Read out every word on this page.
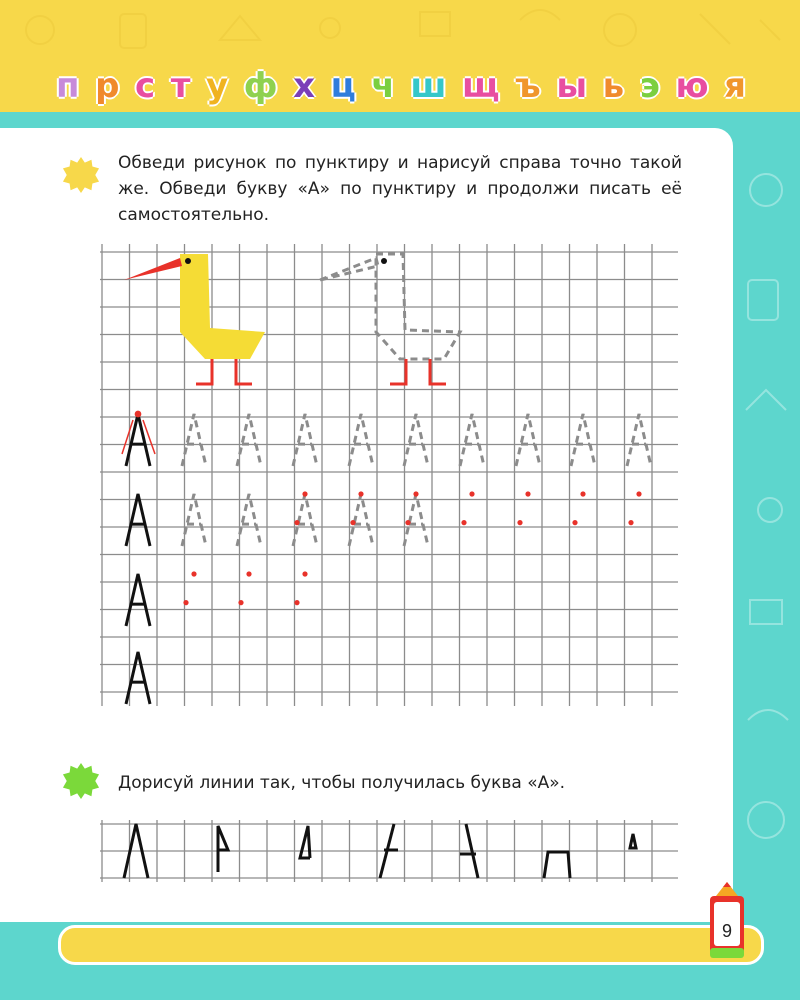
п р с т у ф х ц ч ш щ ъ ы ь э ю я
Обведи рисунок по пунктиру и нарисуй справа точно такой же. Обведи букву «А» по пунктиру и продолжи писать её самостоятельно.
Дорисуй линии так, чтобы получилась буква «А».
9
